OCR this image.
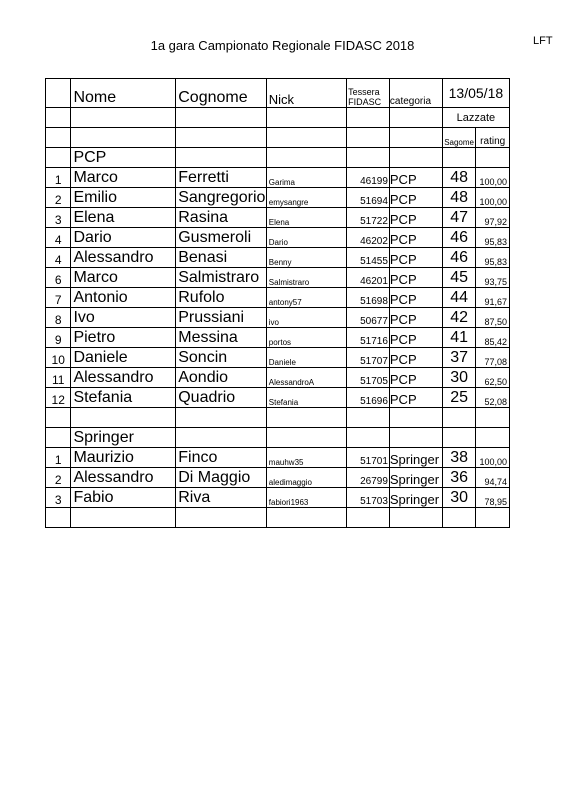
LFT
1a gara Campionato Regionale FIDASC 2018
	Nome	Cognome	Nick	Tessera FIDASC	categoria	13/05/18	
						Lazzate	
						Sagome	rating
	PCP						
1	Marco	Ferretti	Garima	46199	PCP	48	100,00
2	Emilio	Sangregorio	emysangre	51694	PCP	48	100,00
3	Elena	Rasina	Elena	51722	PCP	47	97,92
4	Dario	Gusmeroli	Dario	46202	PCP	46	95,83
4	Alessandro	Benasi	Benny	51455	PCP	46	95,83
6	Marco	Salmistraro	Salmistraro	46201	PCP	45	93,75
7	Antonio	Rufolo	antony57	51698	PCP	44	91,67
8	Ivo	Prussiani	ivo	50677	PCP	42	87,50
9	Pietro	Messina	portos	51716	PCP	41	85,42
10	Daniele	Soncin	Daniele	51707	PCP	37	77,08
11	Alessandro	Aondio	AlessandroA	51705	PCP	30	62,50
12	Stefania	Quadrio	Stefania	51696	PCP	25	52,08

	Springer						
1	Maurizio	Finco	mauhw35	51701	Springer	38	100,00
2	Alessandro	Di Maggio	aledimaggio	26799	Springer	36	94,74
3	Fabio	Riva	fabiori1963	51703	Springer	30	78,95
